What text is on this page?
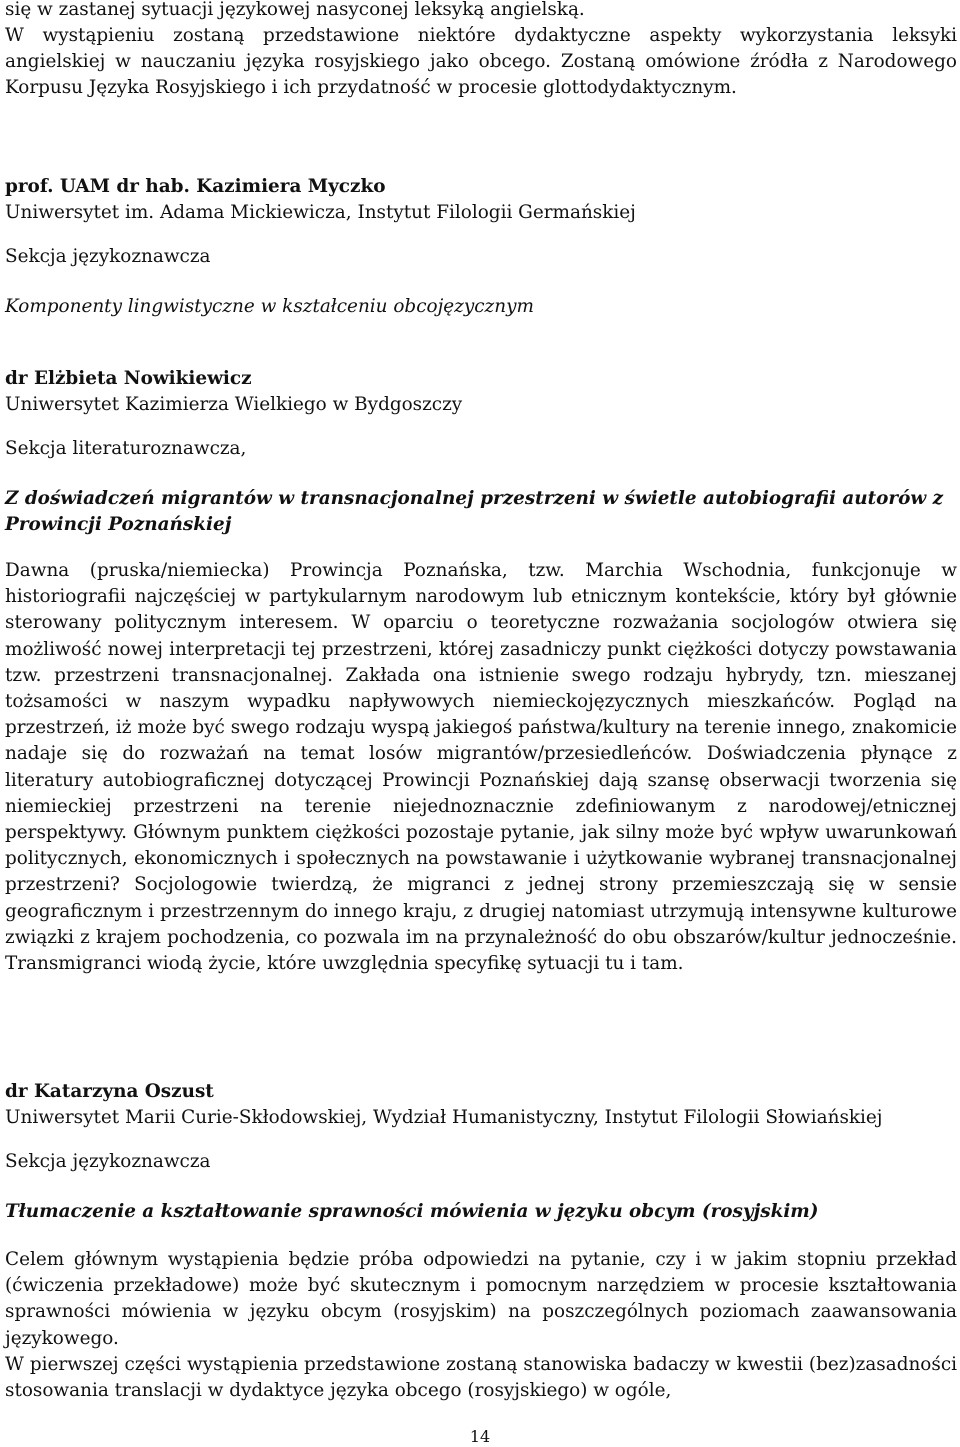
się w zastanej sytuacji językowej nasyconej leksyką angielską.

W wystąpieniu zostaną przedstawione niektóre dydaktyczne aspekty wykorzystania leksyki angielskiej w nauczaniu języka rosyjskiego jako obcego. Zostaną omówione źródła z Narodowego Korpusu Języka Rosyjskiego i ich przydatność w procesie glottodydaktycznym.

prof. UAM dr hab. Kazimiera Myczko

Uniwersytet im. Adama Mickiewicza, Instytut Filologii Germańskiej

Sekcja językoznawcza

Komponenty lingwistyczne w kształceniu obcojęzycznym

dr Elżbieta Nowikiewicz

Uniwersytet Kazimierza Wielkiego w Bydgoszczy

Sekcja literaturoznawcza,

Z doświadczeń migrantów w transnacjonalnej przestrzeni w świetle autobiografii autorów z Prowincji Poznańskiej

Dawna (pruska/niemiecka) Prowincja Poznańska, tzw. Marchia Wschodnia, funkcjonuje w historiografii najczęściej w partykularnym narodowym lub etnicznym kontekście, który był głównie sterowany politycznym interesem. W oparciu o teoretyczne rozważania socjologów otwiera się możliwość nowej interpretacji tej przestrzeni, której zasadniczy punkt ciężkości dotyczy powstawania tzw. przestrzeni transnacjonalnej. Zakłada ona istnienie swego rodzaju hybrydy, tzn. mieszanej tożsamości w naszym wypadku napływowych niemieckojęzycznych mieszkańców. Pogląd na przestrzeń, iż może być swego rodzaju wyspą jakiegoś państwa/kultury na terenie innego, znakomicie nadaje się do rozważań na temat losów migrantów/przesiedleńców. Doświadczenia płynące z literatury autobiograficznej dotyczącej Prowincji Poznańskiej dają szansę obserwacji tworzenia się niemieckiej przestrzeni na terenie niejednoznacznie zdefiniowanym z narodowej/etnicznej perspektywy. Głównym punktem ciężkości pozostaje pytanie, jak silny może być wpływ uwarunkowań politycznych, ekonomicznych i społecznych na powstawanie i użytkowanie wybranej transnacjonalnej przestrzeni? Socjologowie twierdzą, że migranci z jednej strony przemieszczają się w sensie geograficznym i przestrzennym do innego kraju, z drugiej natomiast utrzymują intensywne kulturowe związki z krajem pochodzenia, co pozwala im na przynależność do obu obszarów/kultur jednocześnie. Transmigranci wiodą życie, które uwzględnia specyfikę sytuacji tu i tam.

dr Katarzyna Oszust

Uniwersytet Marii Curie-Skłodowskiej, Wydział Humanistyczny, Instytut Filologii Słowiańskiej

Sekcja językoznawcza

Tłumaczenie a kształtowanie sprawności mówienia w języku obcym (rosyjskim)

Celem głównym wystąpienia będzie próba odpowiedzi na pytanie, czy i w jakim stopniu przekład (ćwiczenia przekładowe) może być skutecznym i pomocnym narzędziem w procesie kształtowania sprawności mówienia w języku obcym (rosyjskim) na poszczególnych poziomach zaawansowania językowego.

W pierwszej części wystąpienia przedstawione zostaną stanowiska badaczy w kwestii (bez)zasadności stosowania translacji w dydaktyce języka obcego (rosyjskiego) w ogóle,

14
